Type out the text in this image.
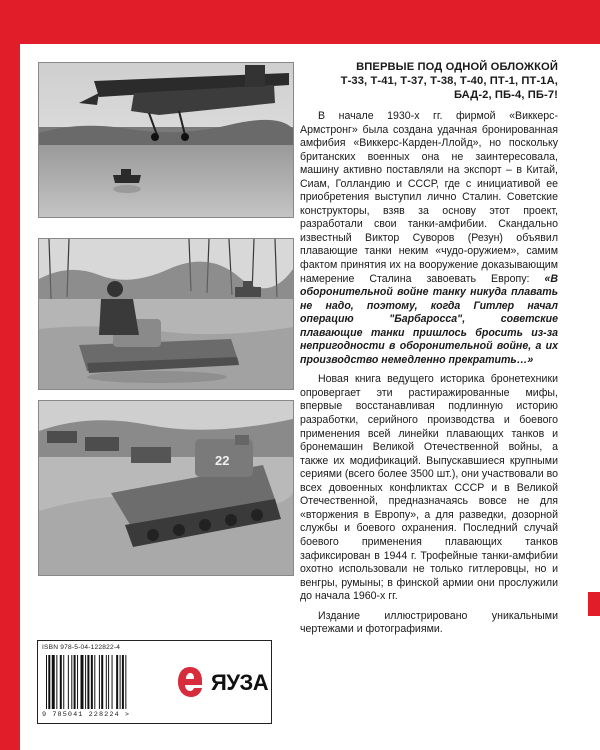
22
ВПЕРВЫЕ ПОД ОДНОЙ ОБЛОЖКОЙ
Т-33, Т-41, Т-37, Т-38, Т-40, ПТ-1, ПТ-1А,
БАД-2, ПБ-4, ПБ-7!

В начале 1930-х гг. фирмой «Виккерс-Армстронг» была создана удачная бронированная амфибия «Виккерс-Карден-Ллойд», но поскольку британских военных она не заинтересовала, машину активно поставляли на экспорт – в Китай, Сиам, Голландию и СССР, где с инициативой ее приобретения выступил лично Сталин. Советские конструкторы, взяв за основу этот проект, разработали свои танки-амфибии. Скандально известный Виктор Суворов (Резун) объявил плавающие танки неким «чудо-оружием», самим фактом принятия их на вооружение доказывающим намерение Сталина завоевать Европу: «В оборонительной войне танку никуда плавать не надо, поэтому, когда Гитлер начал операцию "Барбаросса", советские плавающие танки пришлось бросить из-за непригодности в оборонительной войне, а их производство немедленно прекратить…»

Новая книга ведущего историка бронетехники опровергает эти растиражированные мифы, впервые восстанавливая подлинную историю разработки, серийного производства и боевого применения всей линейки плавающих танков и бронемашин Великой Отечественной войны, а также их модификаций. Выпускавшиеся крупными сериями (всего более 3500 шт.), они участвовали во всех довоенных конфликтах СССР и в Великой Отечественной, предназначаясь вовсе не для «вторжения в Европу», а для разведки, дозорной службы и боевого охранения. Последний случай боевого применения плавающих танков зафиксирован в 1944 г. Трофейные танки-амфибии охотно использовали не только гитлеровцы, но и венгры, румыны; в финской армии они прослужили до начала 1960-х гг.

Издание иллюстрировано уникальными чертежами и фотографиями.

ISBN 978-5-04-122822-4
9 785041 228224 >
ЯУЗА
